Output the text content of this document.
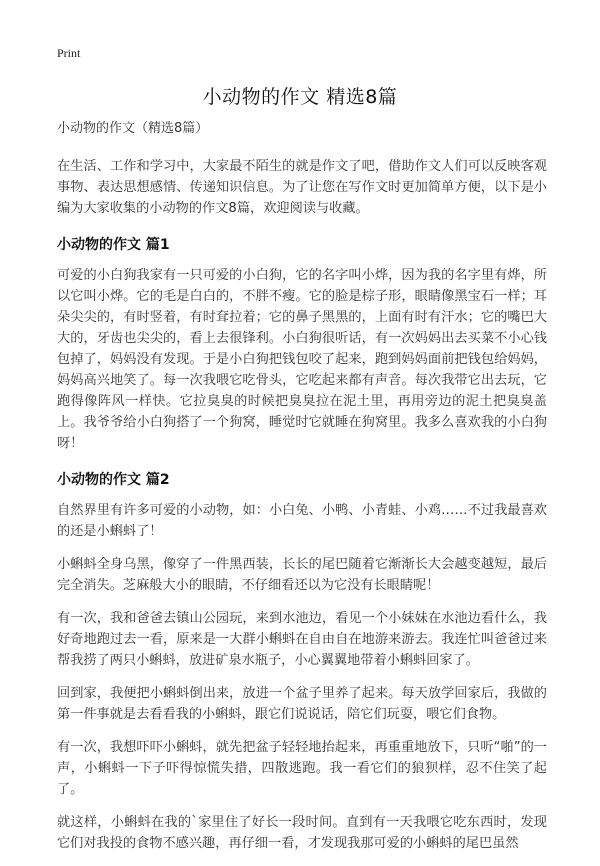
Print
小动物的作文 精选8篇

小动物的作文（精选8篇）

在生活、工作和学习中，大家最不陌生的就是作文了吧，借助作文人们可以反映客观事物、表达思想感情、传递知识信息。为了让您在写作文时更加简单方便，以下是小编为大家收集的小动物的作文8篇，欢迎阅读与收藏。

小动物的作文 篇1

可爱的小白狗我家有一只可爱的小白狗，它的名字叫小烨，因为我的名字里有烨，所以它叫小烨。它的毛是白白的，不胖不瘦。它的脸是棕子形，眼睛像黑宝石一样；耳朵尖尖的，有时竖着，有时耷拉着；它的鼻子黑黑的，上面有时有汗水；它的嘴巴大大的，牙齿也尖尖的，看上去很锋利。小白狗很听话，有一次妈妈出去买菜不小心钱包掉了，妈妈没有发现。于是小白狗把钱包咬了起来，跑到妈妈面前把钱包给妈妈，妈妈高兴地笑了。每一次我喂它吃骨头，它吃起来都有声音。每次我带它出去玩，它跑得像阵风一样快。它拉臭臭的时候把臭臭拉在泥土里，再用旁边的泥土把臭臭盖上。我爷爷给小白狗搭了一个狗窝，睡觉时它就睡在狗窝里。我多么喜欢我的小白狗呀！

小动物的作文 篇2

自然界里有许多可爱的小动物，如：小白兔、小鸭、小青蛙、小鸡……不过我最喜欢的还是小蝌蚪了！

小蝌蚪全身乌黑，像穿了一件黑西装，长长的尾巴随着它渐渐长大会越变越短，最后完全消失。芝麻般大小的眼睛，不仔细看还以为它没有长眼睛呢！

有一次，我和爸爸去镇山公园玩，来到水池边，看见一个小妹妹在水池边看什么，我好奇地跑过去一看，原来是一大群小蝌蚪在自由自在地游来游去。我连忙叫爸爸过来帮我捞了两只小蝌蚪，放进矿泉水瓶子，小心翼翼地带着小蝌蚪回家了。

回到家，我便把小蝌蚪倒出来，放进一个盆子里养了起来。每天放学回家后，我做的第一件事就是去看看我的小蝌蚪，跟它们说说话，陪它们玩耍，喂它们食物。

有一次，我想吓吓小蝌蚪，就先把盆子轻轻地抬起来，再重重地放下，只听“啪”的一声，小蝌蚪一下子吓得惊慌失措，四散逃跑。我一看它们的狼狈样，忍不住笑了起了。

就这样，小蝌蚪在我的`家里住了好长一段时间。直到有一天我喂它吃东西时，发现它们对我投的食物不感兴趣，再仔细一看，才发现我那可爱的小蝌蚪的尾巴虽然
